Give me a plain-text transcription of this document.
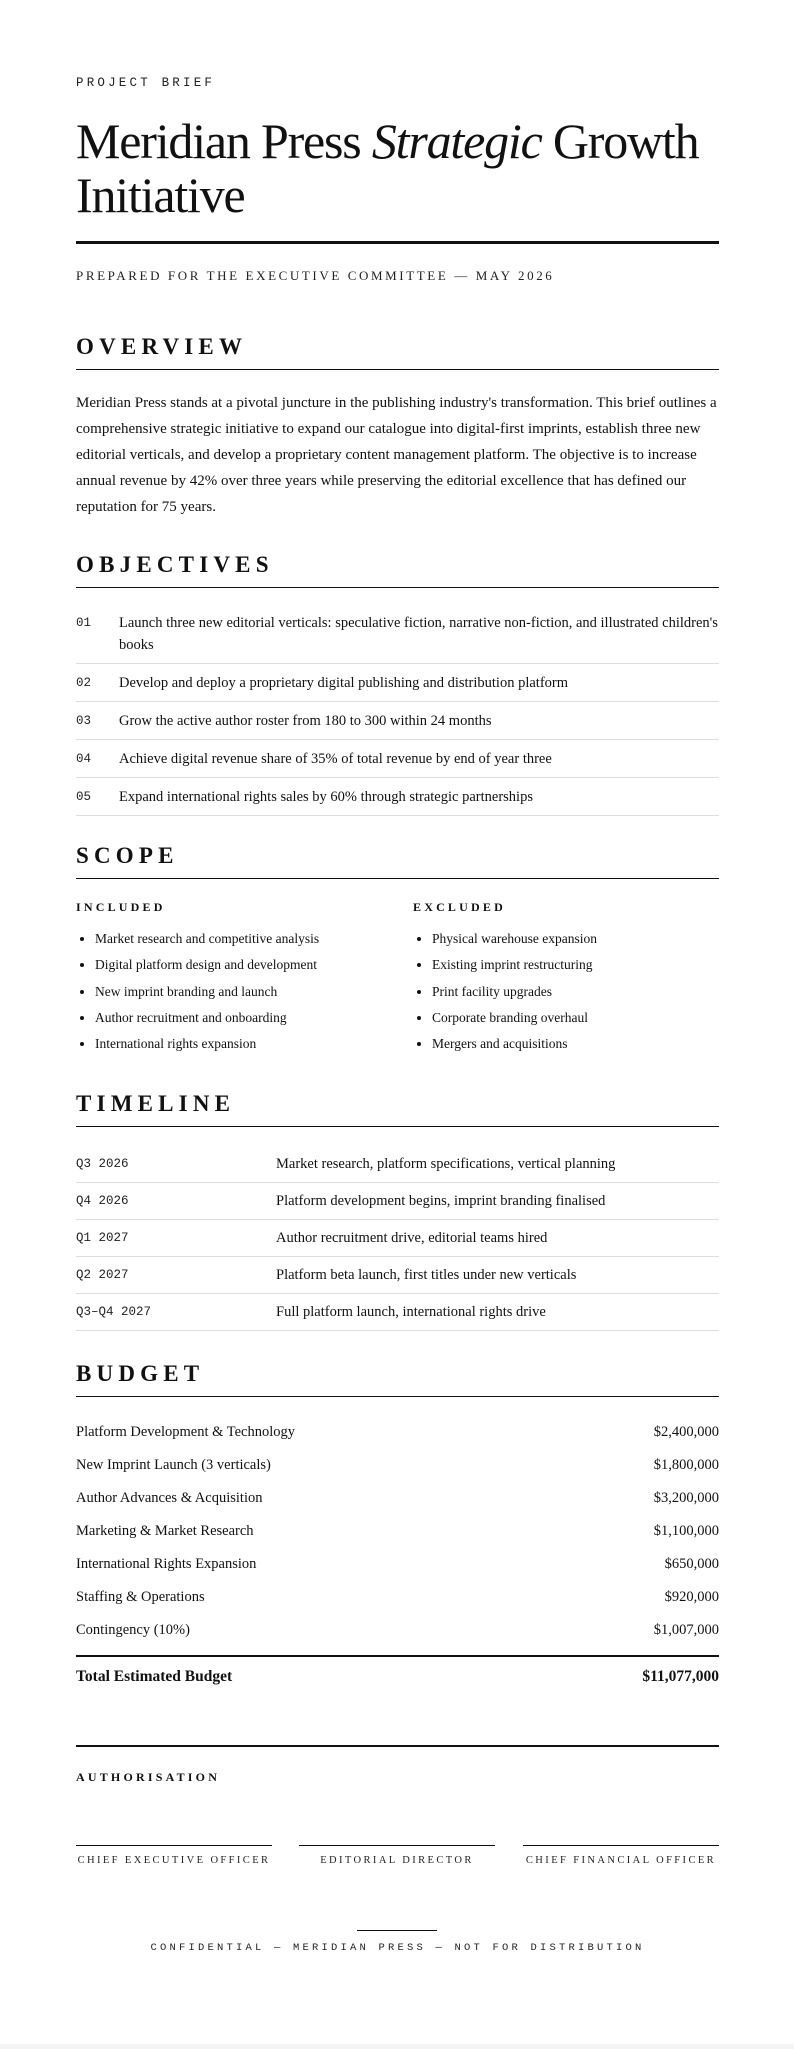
PROJECT BRIEF
Meridian Press Strategic Growth Initiative
PREPARED FOR THE EXECUTIVE COMMITTEE — MAY 2026
OVERVIEW

Meridian Press stands at a pivotal juncture in the publishing industry's transformation. This brief outlines a comprehensive strategic initiative to expand our catalogue into digital-first imprints, establish three new editorial verticals, and develop a proprietary content management platform. The objective is to increase annual revenue by 42% over three years while preserving the editorial excellence that has defined our reputation for 75 years.

OBJECTIVES
01	Launch three new editorial verticals: speculative fiction, narrative non-fiction, and illustrated children's books
02	Develop and deploy a proprietary digital publishing and distribution platform
03	Grow the active author roster from 180 to 300 within 24 months
04	Achieve digital revenue share of 35% of total revenue by end of year three
05	Expand international rights sales by 60% through strategic partnerships
SCOPE
INCLUDED
• Market research and competitive analysis
• Digital platform design and development
• New imprint branding and launch
• Author recruitment and onboarding
• International rights expansion
EXCLUDED
• Physical warehouse expansion
• Existing imprint restructuring
• Print facility upgrades
• Corporate branding overhaul
• Mergers and acquisitions
TIMELINE
Q3 2026	Market research, platform specifications, vertical planning
Q4 2026	Platform development begins, imprint branding finalised
Q1 2027	Author recruitment drive, editorial teams hired
Q2 2027	Platform beta launch, first titles under new verticals
Q3–Q4 2027	Full platform launch, international rights drive
BUDGET
Platform Development & Technology	$2,400,000
New Imprint Launch (3 verticals)	$1,800,000
Author Advances & Acquisition	$3,200,000
Marketing & Market Research	$1,100,000
International Rights Expansion	$650,000
Staffing & Operations	$920,000
Contingency (10%)	$1,007,000
Total Estimated Budget	$11,077,000
AUTHORISATION
CHIEF EXECUTIVE OFFICER	EDITORIAL DIRECTOR	CHIEF FINANCIAL OFFICER
CONFIDENTIAL — MERIDIAN PRESS — NOT FOR DISTRIBUTION
